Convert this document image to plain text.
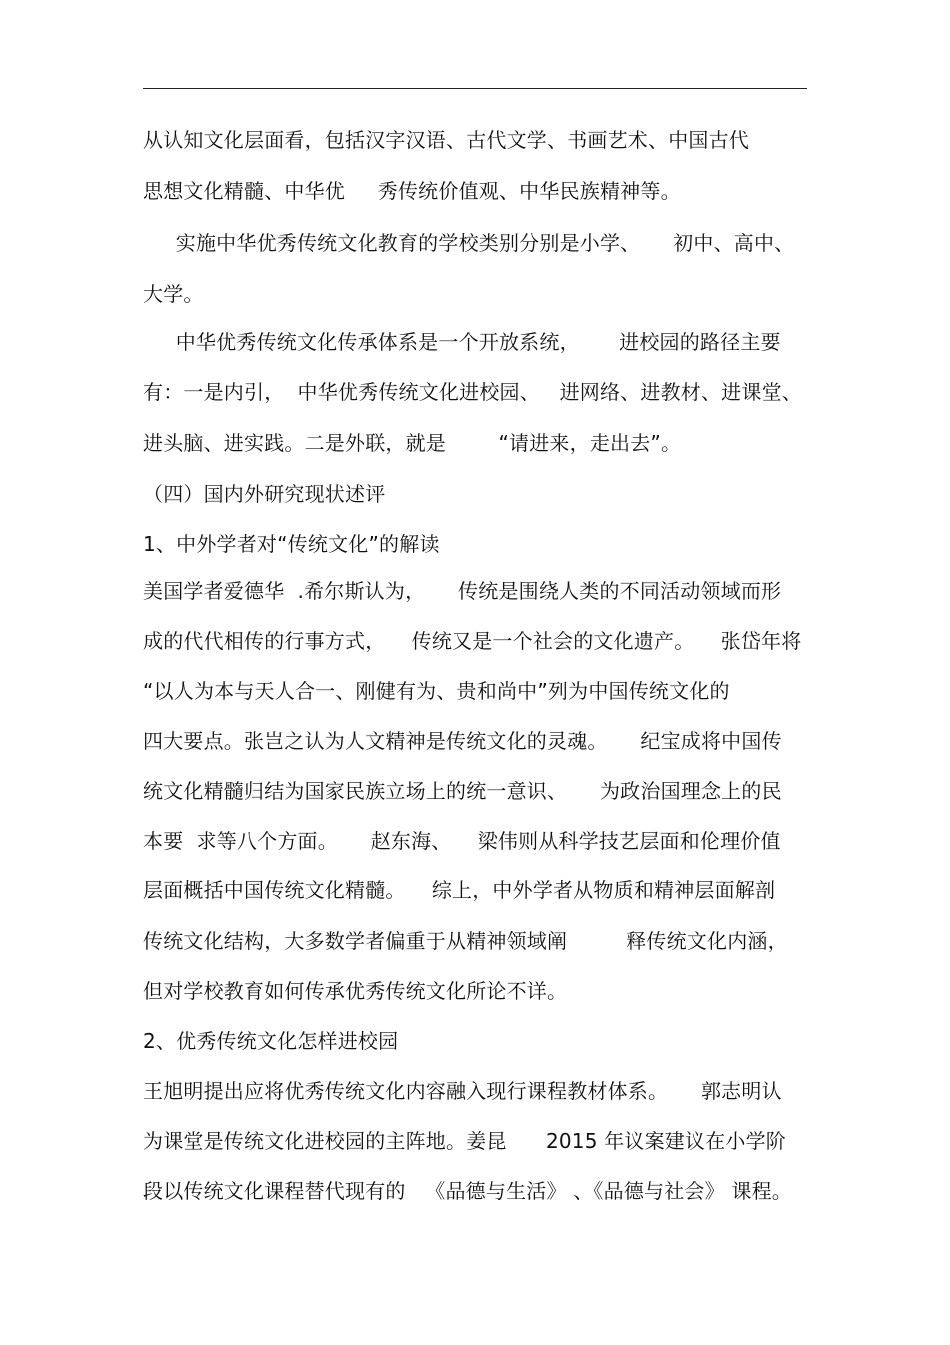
从认知文化层面看，包括汉字汉语、古代文学、书画艺术、中国古代
思想文化精髓、中华优     秀传统价值观、中华民族精神等。
实施中华优秀传统文化教育的学校类别分别是小学、     初中、高中、
大学。
中华优秀传统文化传承体系是一个开放系统，      进校园的路径主要
有：一是内引，  中华优秀传统文化进校园、   进网络、进教材、进课堂、
进头脑、进实践。二是外联，就是        “请进来，走出去”。
（四）国内外研究现状述评
1、中外学者对“传统文化”的解读
美国学者爱德华  .希尔斯认为，     传统是围绕人类的不同活动领域而形
成的代代相传的行事方式，    传统又是一个社会的文化遗产。    张岱年将
“以人为本与天人合一、刚健有为、贵和尚中”列为中国传统文化的
四大要点。张岂之认为人文精神是传统文化的灵魂。     纪宝成将中国传
统文化精髓归结为国家民族立场上的统一意识、     为政治国理念上的民
本要  求等八个方面。     赵东海、    梁伟则从科学技艺层面和伦理价值
层面概括中国传统文化精髓。    综上，中外学者从物质和精神层面解剖
传统文化结构，大多数学者偏重于从精神领域阐         释传统文化内涵，
但对学校教育如何传承优秀传统文化所论不详。
2、优秀传统文化怎样进校园
王旭明提出应将优秀传统文化内容融入现行课程教材体系。     郭志明认
为课堂是传统文化进校园的主阵地。姜昆      2015 年议案建议在小学阶
段以传统文化课程替代现有的   《品德与生活》 、《品德与社会》 课程。
